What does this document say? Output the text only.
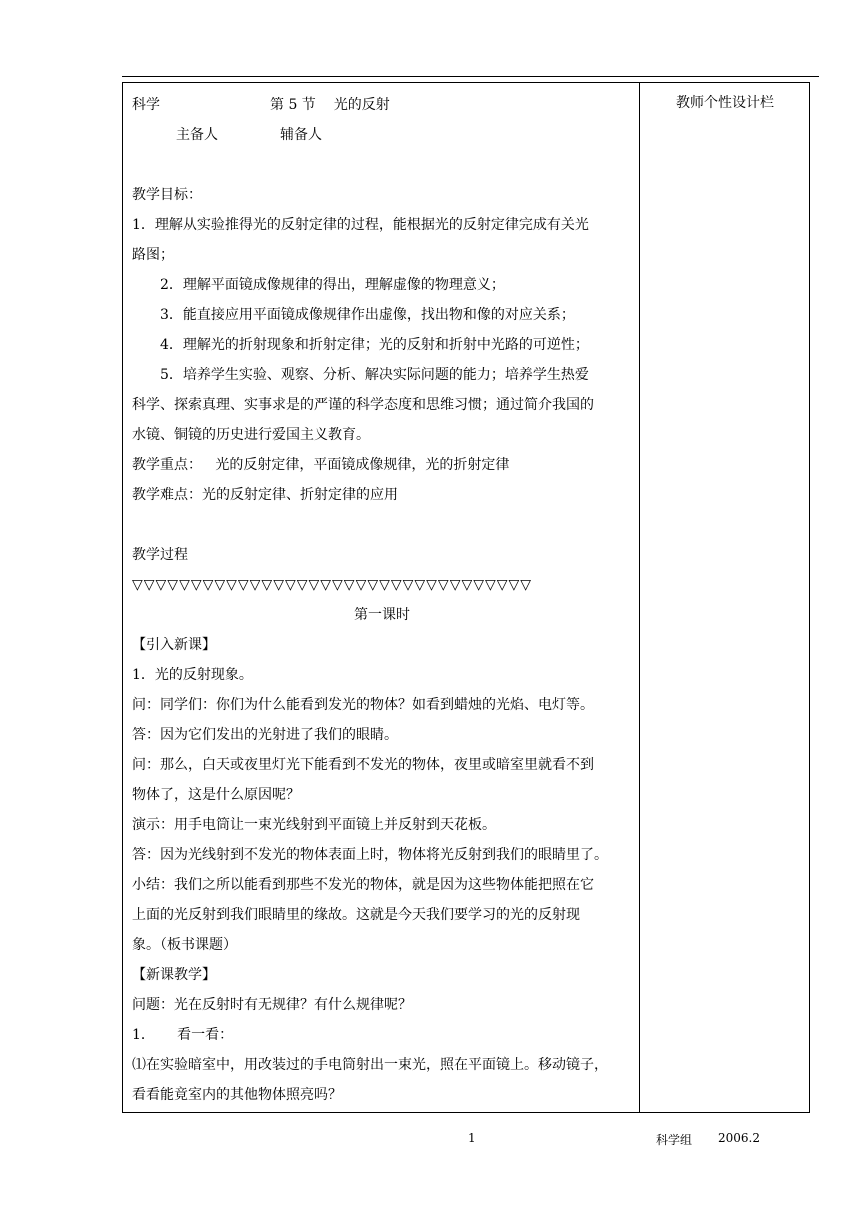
教师个性设计栏
科学	第 5 节 光的反射
主备人	辅备人
教学目标：
1．理解从实验推得光的反射定律的过程，能根据光的反射定律完成有关光
路图；
2．理解平面镜成像规律的得出，理解虚像的物理意义；
3．能直接应用平面镜成像规律作出虚像，找出物和像的对应关系；
4．理解光的折射现象和折射定律；光的反射和折射中光路的可逆性；
5．培养学生实验、观察、分析、解决实际问题的能力；培养学生热爱
科学、探索真理、实事求是的严谨的科学态度和思维习惯；通过简介我国的
水镜、铜镜的历史进行爱国主义教育。
教学重点：   光的反射定律，平面镜成像规律，光的折射定律
教学难点：光的反射定律、折射定律的应用
教学过程
▽▽▽▽▽▽▽▽▽▽▽▽▽▽▽▽▽▽▽▽▽▽▽▽▽▽▽▽▽▽▽▽▽▽
第一课时
【引入新课】
1．光的反射现象。
问：同学们：你们为什么能看到发光的物体？如看到蜡烛的光焰、电灯等。
答：因为它们发出的光射进了我们的眼睛。
问：那么，白天或夜里灯光下能看到不发光的物体，夜里或暗室里就看不到
物体了，这是什么原因呢？
演示：用手电筒让一束光线射到平面镜上并反射到天花板。
答：因为光线射到不发光的物体表面上时，物体将光反射到我们的眼睛里了。
小结：我们之所以能看到那些不发光的物体，就是因为这些物体能把照在它
上面的光反射到我们眼睛里的缘故。这就是今天我们要学习的光的反射现
象。（板书课题）
【新课教学】
问题：光在反射时有无规律？有什么规律呢？
1．     看一看：
⑴在实验暗室中，用改装过的手电筒射出一束光，照在平面镜上。移动镜子，
看看能竟室内的其他物体照亮吗？
1	科学组 2006.2
